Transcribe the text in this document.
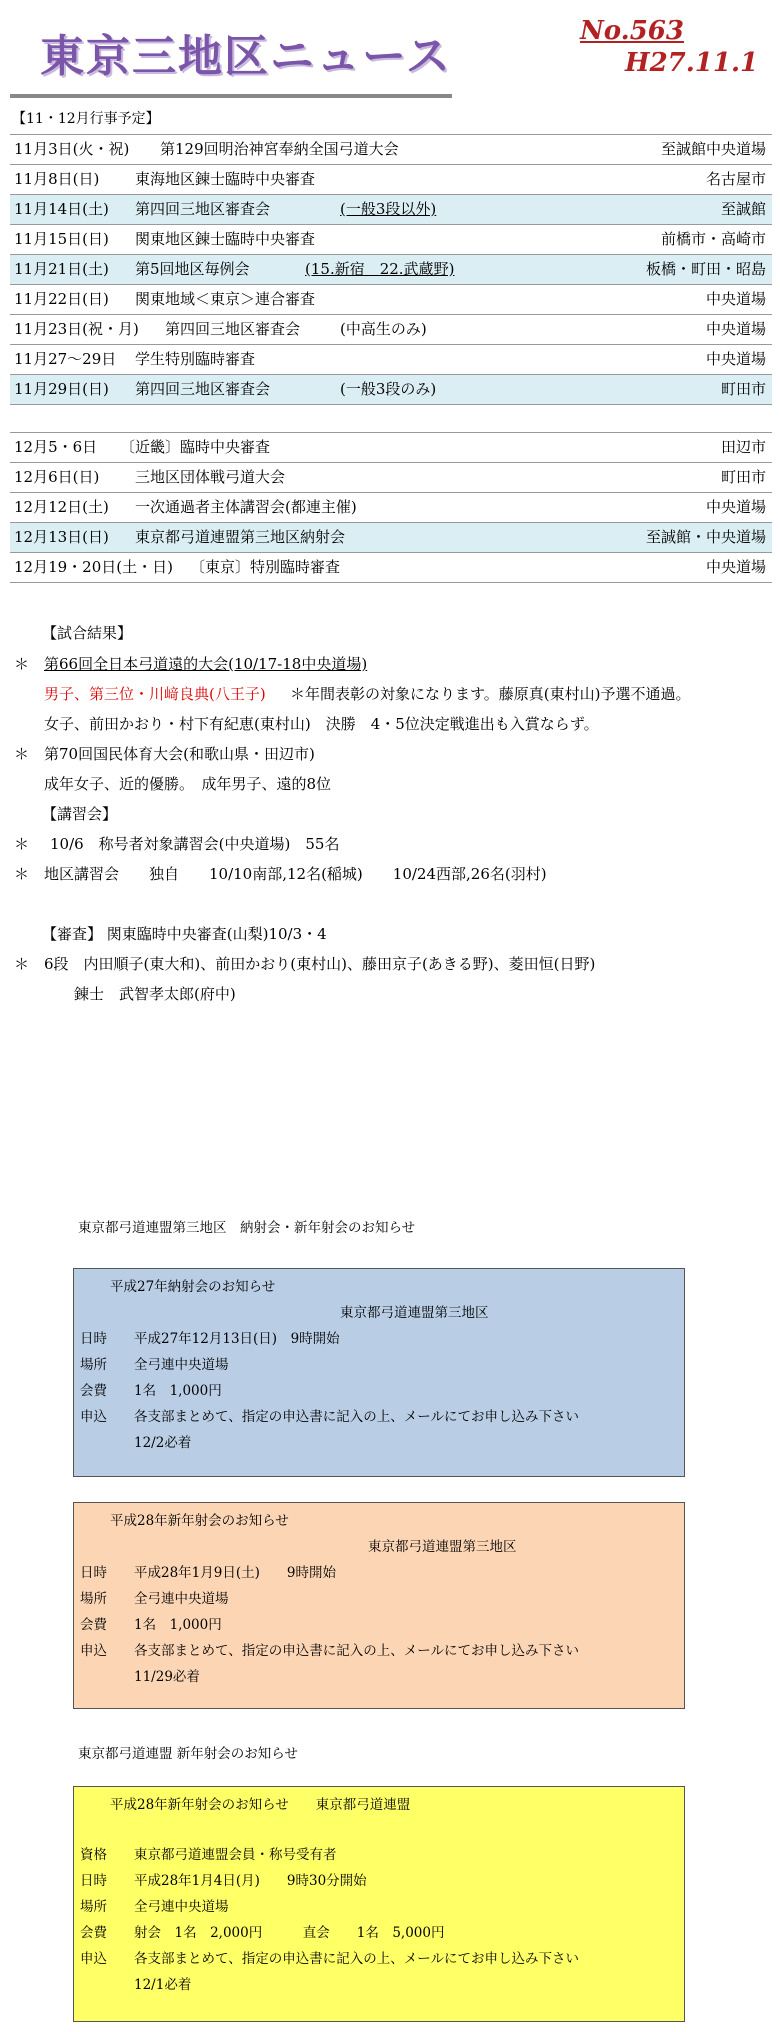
東京三地区ニュース	No.563
H27.11.1
【11・12月行事予定】
11月3日(火・祝) 第129回明治神宮奉納全国弓道大会	至誠館中央道場
11月8日(日) 東海地区錬士臨時中央審査	名古屋市
11月14日(土) 第四回三地区審査会	(一般3段以外)	至誠館
11月15日(日) 関東地区錬士臨時中央審査	前橋市・高崎市
11月21日(土) 第5回地区毎例会	(15.新宿　22.武蔵野)	板橋・町田・昭島
11月22日(日) 関東地域＜東京＞連合審査	中央道場
11月23日(祝・月) 第四回三地区審査会	(中高生のみ)	中央道場
11月27～29日 学生特別臨時審査	中央道場
11月29日(日) 第四回三地区審査会	(一般3段のみ)	町田市
12月5・6日 〔近畿〕臨時中央審査	田辺市
12月6日(日) 三地区団体戦弓道大会	町田市
12月12日(土) 一次通過者主体講習会(都連主催)	中央道場
12月13日(日) 東京都弓道連盟第三地区納射会	至誠館・中央道場
12月19・20日(土・日) 〔東京〕特別臨時審査	中央道場
【試合結果】
＊ 第66回全日本弓道遠的大会(10/17-18中央道場)
男子、第三位・川﨑良典(八王子) ＊年間表彰の対象になります。藤原真(東村山)予選不通過。
女子、前田かおり・村下有紀恵(東村山)　決勝　4・5位決定戦進出も入賞ならず。
＊ 第70回国民体育大会(和歌山県・田辺市)
成年女子、近的優勝。　成年男子、遠的8位
【講習会】
＊ 10/6　称号者対象講習会(中央道場)　55名
＊ 地区講習会　　独自　　10/10南部,12名(稲城)　　10/24西部,26名(羽村)
【審査】 関東臨時中央審査(山梨)10/3・4
＊ 6段　内田順子(東大和)、前田かおり(東村山)、藤田京子(あきる野)、菱田恒(日野)
錬士　武智孝太郎(府中)
東京都弓道連盟第三地区　納射会・新年射会のお知らせ
平成27年納射会のお知らせ
東京都弓道連盟第三地区
日時 平成27年12月13日(日)　9時開始
場所 全弓連中央道場
会費 1名　1,000円
申込 各支部まとめて、指定の申込書に記入の上、メールにてお申し込み下さい
12/2必着
平成28年新年射会のお知らせ
東京都弓道連盟第三地区
日時 平成28年1月9日(土)　　9時開始
場所 全弓連中央道場
会費 1名　1,000円
申込 各支部まとめて、指定の申込書に記入の上、メールにてお申し込み下さい
11/29必着
東京都弓道連盟 新年射会のお知らせ
平成28年新年射会のお知らせ　　東京都弓道連盟
資格 東京都弓道連盟会員・称号受有者
日時 平成28年1月4日(月)　　9時30分開始
場所 全弓連中央道場
会費 射会　1名　2,000円　　　直会　　1名　5,000円
申込 各支部まとめて、指定の申込書に記入の上、メールにてお申し込み下さい
12/1必着
